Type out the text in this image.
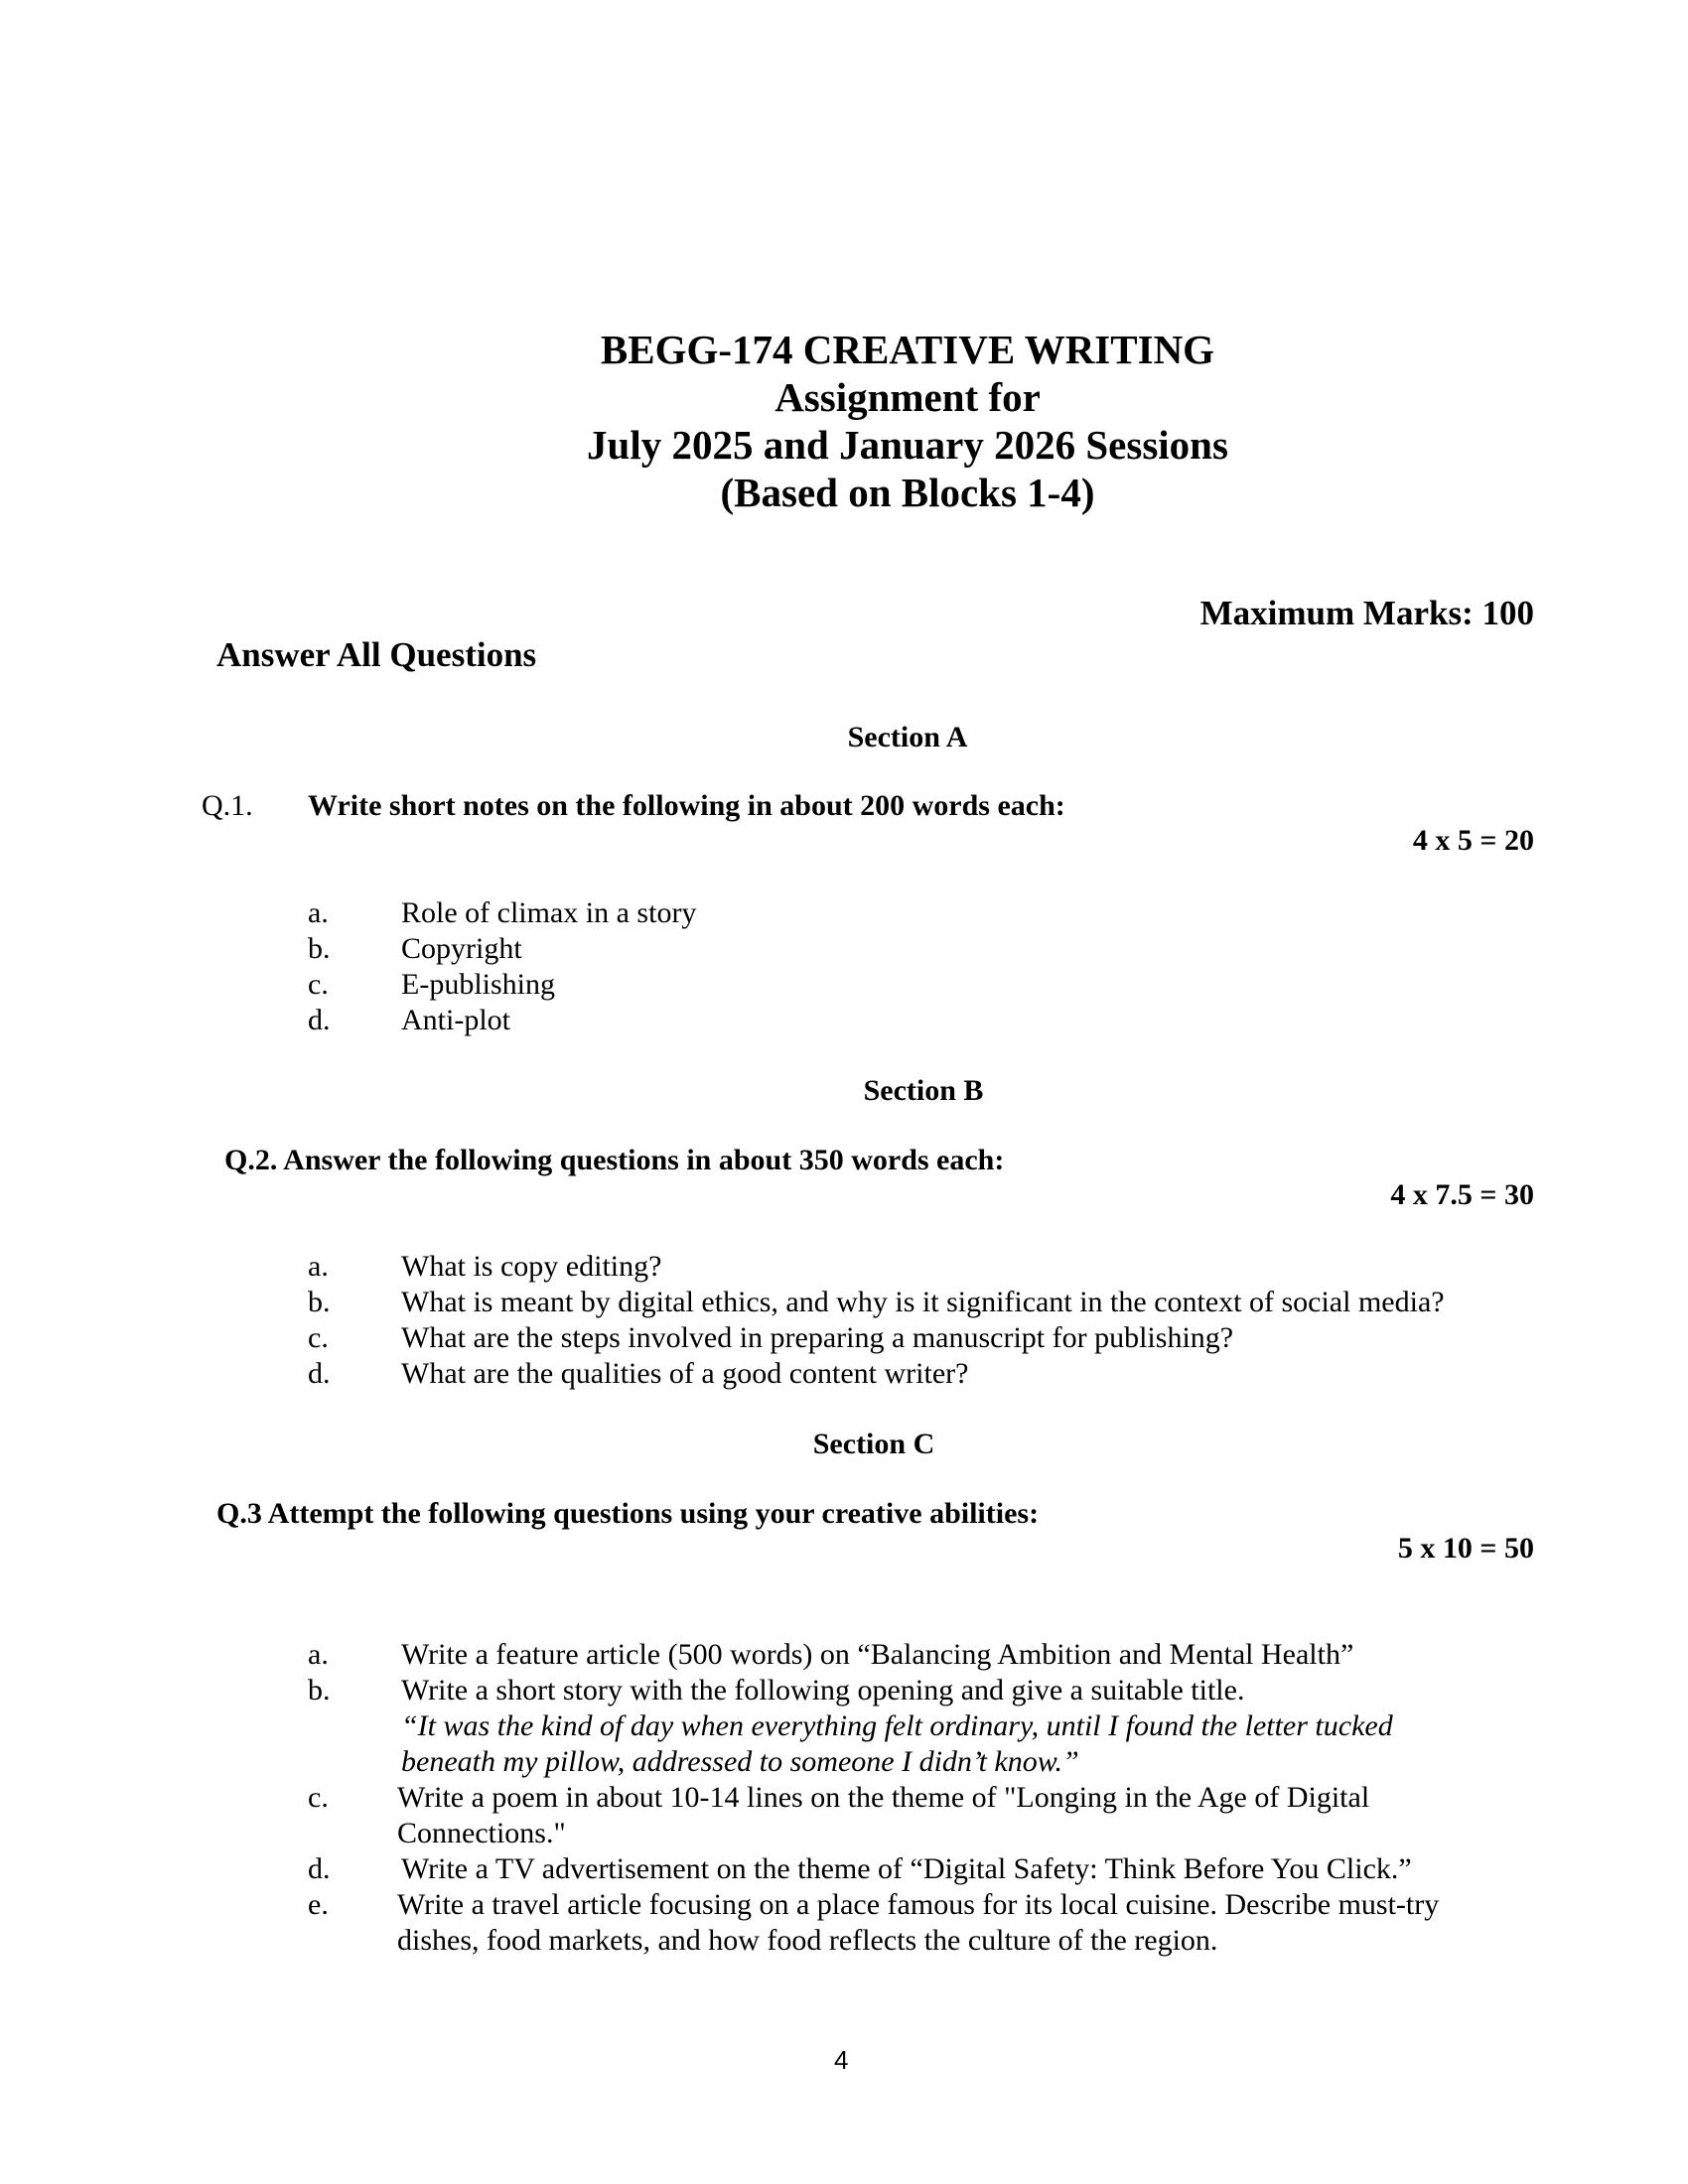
BEGG-174 CREATIVE WRITING
Assignment for
July 2025 and January 2026 Sessions
(Based on Blocks 1-4)
Maximum Marks: 100
Answer All Questions
Section A
Q.1. Write short notes on the following in about 200 words each:
4 x 5 = 20
a. Role of climax in a story
b. Copyright
c. E-publishing
d. Anti-plot
Section B
Q.2. Answer the following questions in about 350 words each:
4 x 7.5 = 30
a. What is copy editing?
b. What is meant by digital ethics, and why is it significant in the context of social media?
c. What are the steps involved in preparing a manuscript for publishing?
d. What are the qualities of a good content writer?
Section C
Q.3 Attempt the following questions using your creative abilities:
5 x 10 = 50
a. Write a feature article (500 words) on “Balancing Ambition and Mental Health”
b. Write a short story with the following opening and give a suitable title.
“It was the kind of day when everything felt ordinary, until I found the letter tucked
beneath my pillow, addressed to someone I didn’t know.”
c. Write a poem in about 10-14 lines on the theme of "Longing in the Age of Digital
Connections."
d. Write a TV advertisement on the theme of “Digital Safety: Think Before You Click.”
e. Write a travel article focusing on a place famous for its local cuisine. Describe must-try
dishes, food markets, and how food reflects the culture of the region.
4
